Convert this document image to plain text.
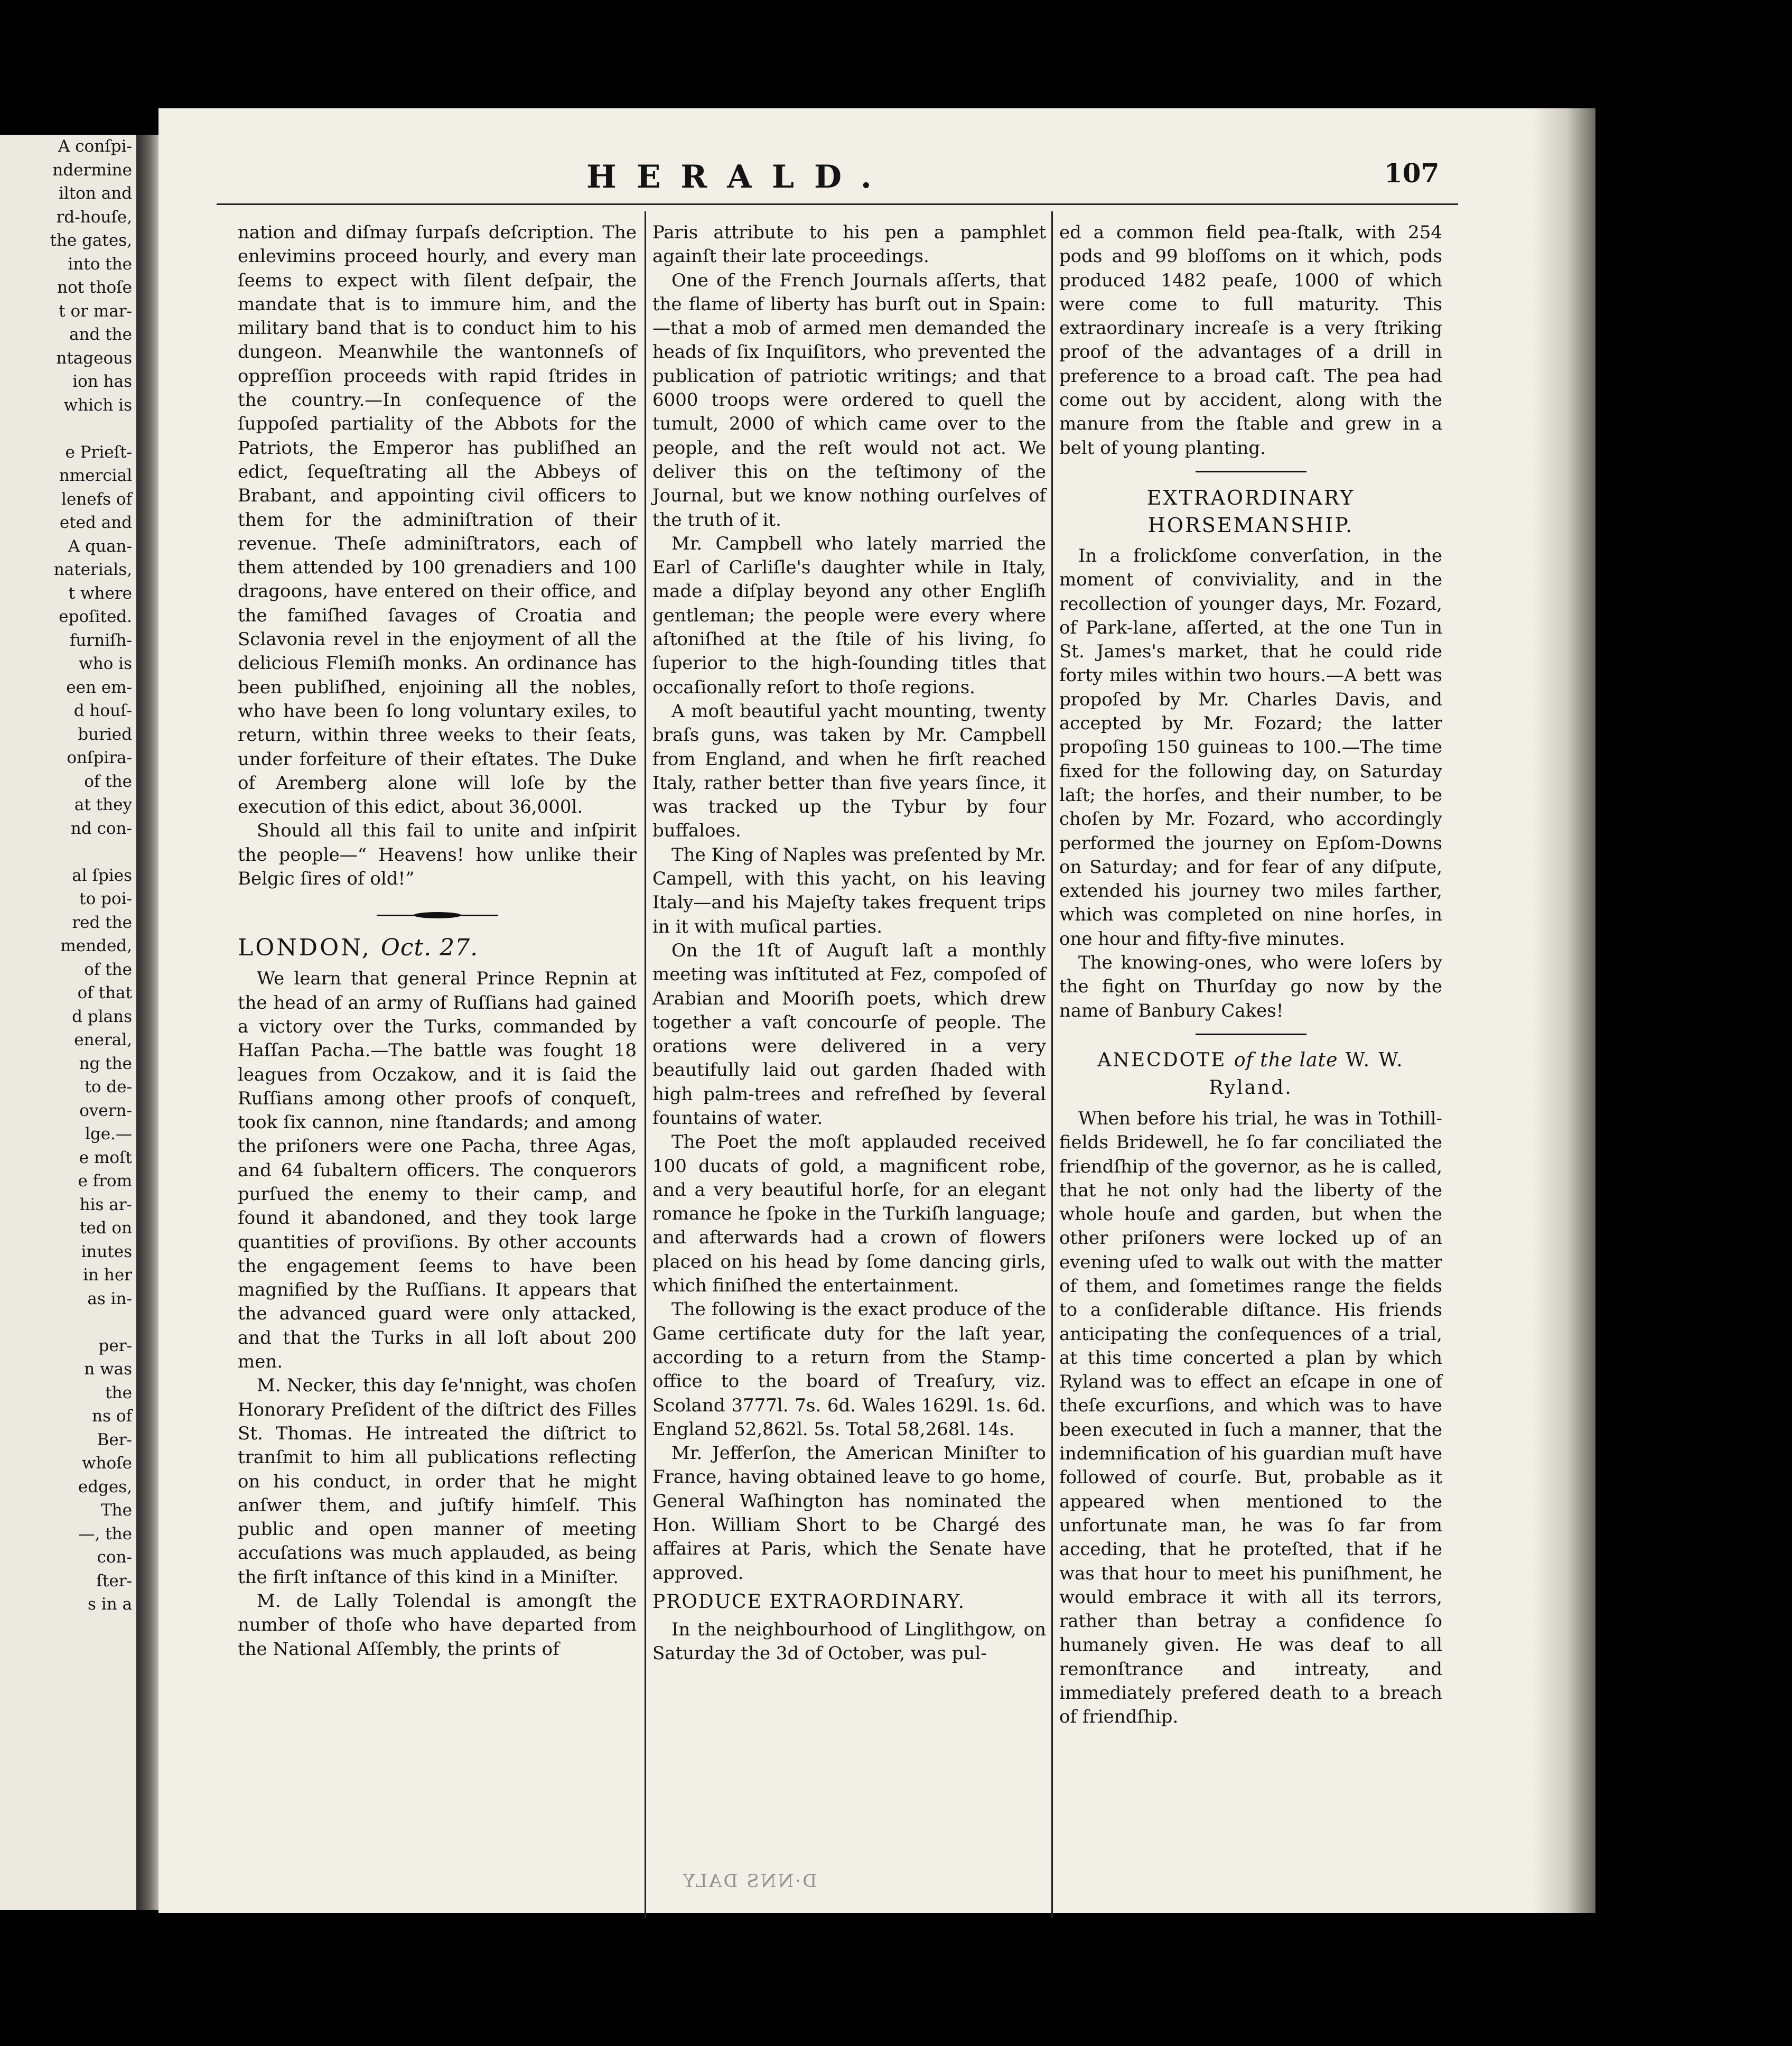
A conſpi-
ndermine
ilton and
rd-houſe,
the gates,
into the
not thoſe
t or mar-
and the
ntageous
ion has
which is

e Prieſt-
nmercial
lenefs of
eted and
A quan-
naterials,
t where
epoſited.
furniſh-
who is
een em-
d houſ-
buried
onſpira-
of the
at they
nd con-

al ſpies
to poi-
red the
mended,
of the
of that
d plans
eneral,
ng the
to de-
overn-
lge.—
e moſt
e from
his ar-
ted on
inutes
in her
as in-

per-
n was
the
ns of
Ber-
whoſe
edges,
The
—, the
con-
ſter-
s in a
HERALD.	107

nation and diſmay ſurpaſs deſcription. The enlevimins proceed hourly, and every man ſeems to expect with ſilent deſpair, the mandate that is to immure him, and the military band that is to conduct him to his dungeon. Meanwhile the wantonneſs of oppreſſion proceeds with rapid ſtrides in the country.—In conſequence of the ſuppoſed partiality of the Abbots for the Patriots, the Emperor has publiſhed an edict, ſequeſtrating all the Abbeys of Brabant, and appointing civil officers to them for the adminiſtration of their revenue. Theſe adminiſtrators, each of them attended by 100 grenadiers and 100 dragoons, have entered on their office, and the famiſhed ſavages of Croatia and Sclavonia revel in the enjoyment of all the delicious Flemiſh monks. An ordinance has been publiſhed, enjoining all the nobles, who have been ſo long voluntary exiles, to return, within three weeks to their ſeats, under forfeiture of their eſtates. The Duke of Aremberg alone will loſe by the execution of this edict, about 36,000l.

Should all this fail to unite and inſpirit the people—“ Heavens! how unlike their Belgic ſires of old!”

LONDON, Oct. 27.

We learn that general Prince Repnin at the head of an army of Ruſſians had gained a victory over the Turks, commanded by Haſſan Pacha.—The battle was fought 18 leagues from Oczakow, and it is ſaid the Ruſſians among other proofs of conqueſt, took ſix cannon, nine ſtandards; and among the priſoners were one Pacha, three Agas, and 64 ſubaltern officers. The conquerors purſued the enemy to their camp, and found it abandoned, and they took large quantities of proviſions. By other accounts the engagement ſeems to have been magnified by the Ruſſians. It appears that the advanced guard were only attacked, and that the Turks in all loſt about 200 men.

M. Necker, this day ſe'nnight, was choſen Honorary Preſident of the diſtrict des Filles St. Thomas. He intreated the diſtrict to tranſmit to him all publications reflecting on his conduct, in order that he might anſwer them, and juſtify himſelf. This public and open manner of meeting accuſations was much applauded, as being the firſt inſtance of this kind in a Miniſter.

M. de Lally Tolendal is amongſt the number of thoſe who have departed from the National Aſſembly, the prints of

Paris attribute to his pen a pamphlet againſt their late proceedings.

One of the French Journals aſſerts, that the flame of liberty has burſt out in Spain:—that a mob of armed men demanded the heads of ſix Inquiſitors, who prevented the publication of patriotic writings; and that 6000 troops were ordered to quell the tumult, 2000 of which came over to the people, and the reſt would not act. We deliver this on the teſtimony of the Journal, but we know nothing ourſelves of the truth of it.

Mr. Campbell who lately married the Earl of Carliſle's daughter while in Italy, made a diſplay beyond any other Engliſh gentleman; the people were every where aſtoniſhed at the ſtile of his living, ſo ſuperior to the high-ſounding titles that occaſionally reſort to thoſe regions.

A moſt beautiful yacht mounting, twenty braſs guns, was taken by Mr. Campbell from England, and when he firſt reached Italy, rather better than five years ſince, it was tracked up the Tybur by four buffaloes.

The King of Naples was preſented by Mr. Campell, with this yacht, on his leaving Italy—and his Majeſty takes frequent trips in it with muſical parties.

On the 1ſt of Auguſt laſt a monthly meeting was inſtituted at Fez, compoſed of Arabian and Mooriſh poets, which drew together a vaſt concourſe of people. The orations were delivered in a very beautifully laid out garden ſhaded with high palm-trees and refreſhed by ſeveral fountains of water.

The Poet the moſt applauded received 100 ducats of gold, a magnificent robe, and a very beautiful horſe, for an elegant romance he ſpoke in the Turkiſh language; and afterwards had a crown of flowers placed on his head by ſome dancing girls, which finiſhed the entertainment.

The following is the exact produce of the Game certificate duty for the laſt year, according to a return from the Stamp-office to the board of Treaſury, viz. Scoland 3777l. 7s. 6d. Wales 1629l. 1s. 6d. England 52,862l. 5s. Total 58,268l. 14s.

Mr. Jefferſon, the American Miniſter to France, having obtained leave to go home, General Waſhington has nominated the Hon. William Short to be Chargé des affaires at Paris, which the Senate have approved.

PRODUCE EXTRAORDINARY.

In the neighbourhood of Linglithgow, on Saturday the 3d of October, was pul-

ed a common field pea-ſtalk, with 254 pods and 99 bloſſoms on it which, pods produced 1482 peaſe, 1000 of which were come to full maturity. This extraordinary increaſe is a very ſtriking proof of the advantages of a drill in preference to a broad caſt. The pea had come out by accident, along with the manure from the ſtable and grew in a belt of young planting.

EXTRAORDINARY HORSEMANSHIP.

In a frolickſome converſation, in the moment of conviviality, and in the recollection of younger days, Mr. Fozard, of Park-lane, aſſerted, at the one Tun in St. James's market, that he could ride forty miles within two hours.—A bett was propoſed by Mr. Charles Davis, and accepted by Mr. Fozard; the latter propoſing 150 guineas to 100.—The time fixed for the following day, on Saturday laſt; the horſes, and their number, to be choſen by Mr. Fozard, who accordingly performed the journey on Epſom-Downs on Saturday; and for fear of any diſpute, extended his journey two miles farther, which was completed on nine horſes, in one hour and fifty-five minutes.

The knowing-ones, who were loſers by the fight on Thurſday go now by the name of Banbury Cakes!

ANECDOTE of the late W. W. Ryland.

When before his trial, he was in Tothill-fields Bridewell, he ſo far conciliated the friendſhip of the governor, as he is called, that he not only had the liberty of the whole houſe and garden, but when the other priſoners were locked up of an evening uſed to walk out with the matter of them, and ſometimes range the fields to a conſiderable diſtance. His friends anticipating the conſequences of a trial, at this time concerted a plan by which Ryland was to effect an eſcape in one of theſe excurſions, and which was to have been executed in ſuch a manner, that the indemnification of his guardian muſt have followed of courſe. But, probable as it appeared when mentioned to the unfortunate man, he was ſo far from acceding, that he proteſted, that if he was that hour to meet his puniſhment, he would embrace it with all its terrors, rather than betray a confidence ſo humanely given. He was deaf to all remonſtrance and intreaty, and immediately prefered death to a breach of friendſhip.

D·NNS DALY
